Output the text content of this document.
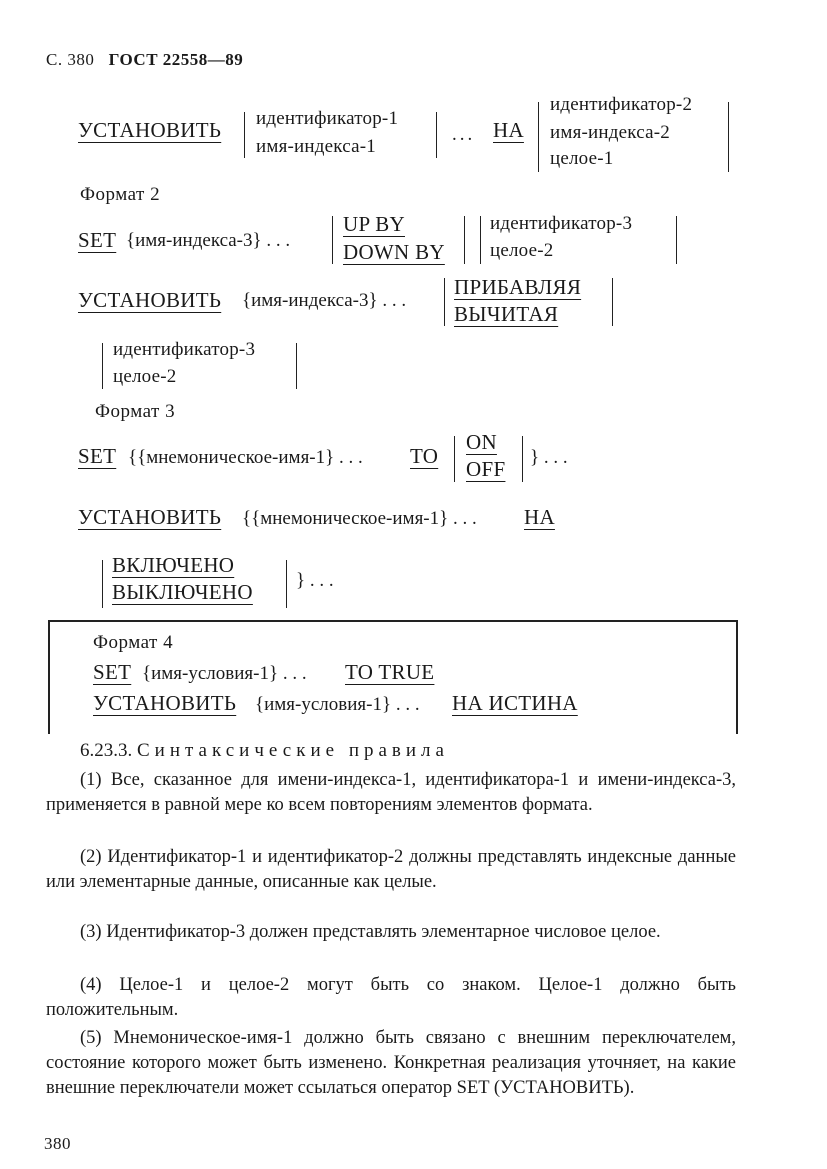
С. 380 ГОСТ 22558—89
УСТАНОВИТЬ идентификатор-1
имя-индекса-1
... НА
идентификатор-2
имя-индекса-2
целое-1
Формат 2
SET {имя-индекса-3} . . .
UP BY
DOWN BY
идентификатор-3
целое-2
УСТАНОВИТЬ {имя-индекса-3} . . .
ПРИБАВЛЯЯ
ВЫЧИТАЯ
идентификатор-3
целое-2
Формат 3
SET {{мнемоническое-имя-1} . . . TO
ON
OFF } . . .
УСТАНОВИТЬ {{мнемоническое-имя-1} . . . НА
ВКЛЮЧЕНО
ВЫКЛЮЧЕНО } . . .
Формат 4
SET {имя-условия-1} . . . TO TRUE
УСТАНОВИТЬ {имя-условия-1} . . . НА ИСТИНА
6.23.3. Синтаксические правила
(1) Все, сказанное для имени-индекса-1, идентификатора-1 и имени-индекса-3, применяется в равной мере ко всем повторениям элементов формата.
(2) Идентификатор-1 и идентификатор-2 должны представлять индексные данные или элементарные данные, описанные как целые.
(3) Идентификатор-3 должен представлять элементарное числовое целое.
(4) Целое-1 и целое-2 могут быть со знаком. Целое-1 должно быть положительным.
(5) Мнемоническое-имя-1 должно быть связано с внешним переключателем, состояние которого может быть изменено. Конкретная реализация уточняет, на какие внешние переключатели может ссылаться оператор SET (УСТАНОВИТЬ).
380
